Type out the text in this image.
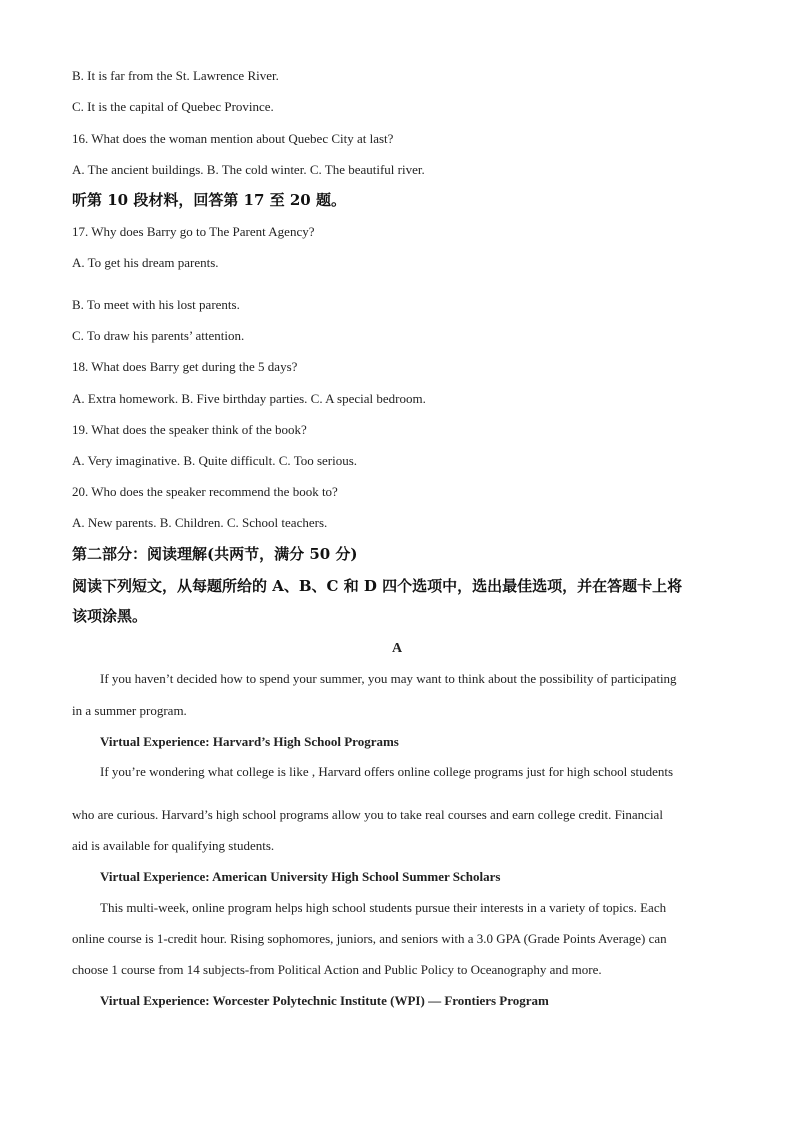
B. It is far from the St. Lawrence River.
C. It is the capital of Quebec Province.
16. What does the woman mention about Quebec City at last?
A. The ancient buildings. B. The cold winter. C. The beautiful river.
听第 10 段材料，回答第 17 至 20 题。
17. Why does Barry go to The Parent Agency?
A. To get his dream parents.
B. To meet with his lost parents.
C. To draw his parents’ attention.
18. What does Barry get during the 5 days?
A. Extra homework. B. Five birthday parties. C. A special bedroom.
19. What does the speaker think of the book?
A. Very imaginative. B. Quite difficult. C. Too serious.
20. Who does the speaker recommend the book to?
A. New parents. B. Children. C. School teachers.
第二部分：阅读理解(共两节，满分 50 分)
阅读下列短文，从每题所给的 A、B、C 和 D 四个选项中，选出最佳选项，并在答题卡上将
该项涂黑。
A
If you haven’t decided how to spend your summer, you may want to think about the possibility of participating
in a summer program.
Virtual Experience: Harvard’s High School Programs
If you’re wondering what college is like , Harvard offers online college programs just for high school students
who are curious. Harvard’s high school programs allow you to take real courses and earn college credit. Financial
aid is available for qualifying students.
Virtual Experience: American University High School Summer Scholars
This multi-week, online program helps high school students pursue their interests in a variety of topics. Each
online course is 1-credit hour. Rising sophomores, juniors, and seniors with a 3.0 GPA (Grade Points Average) can
choose 1 course from 14 subjects-from Political Action and Public Policy to Oceanography and more.
Virtual Experience: Worcester Polytechnic Institute (WPI) — Frontiers Program
